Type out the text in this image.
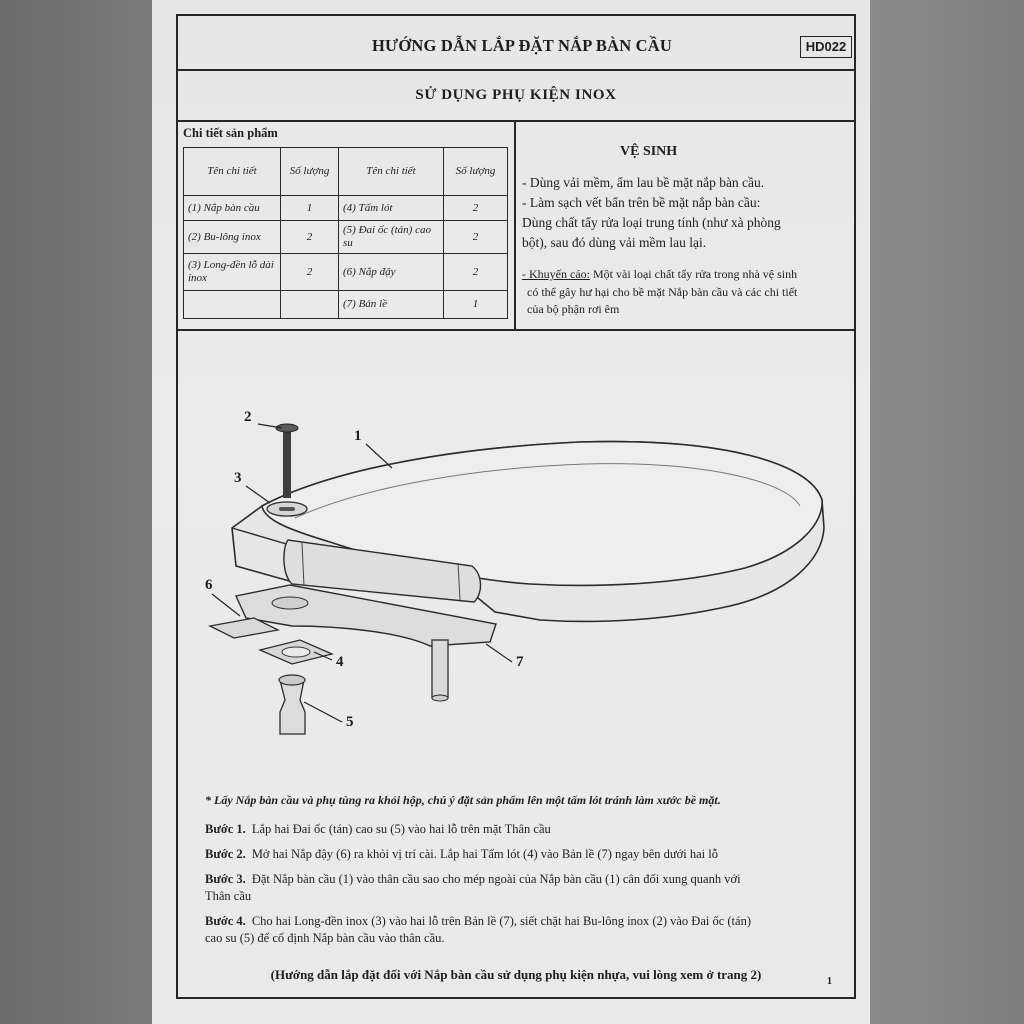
HƯỚNG DẪN LẮP ĐẶT NẮP BÀN CẦU	HD022
SỬ DỤNG PHỤ KIỆN INOX
Chi tiết sản phẩm
Tên chi tiết	Số lượng	Tên chi tiết	Số lượng
(1) Nắp bàn cầu	1	(4) Tấm lót	2
(2) Bu-lông inox	2	(5) Đai ốc (tán) cao su	2
(3) Long-đền lỗ dài inox	2	(6) Nắp đậy	2
		(7) Bản lề	1
VỆ SINH
- Dùng vải mềm, ẩm lau bề mặt nắp bàn cầu.
- Làm sạch vết bẩn trên bề mặt nắp bàn cầu:
Dùng chất tẩy rửa loại trung tính (như xà phòng
bột), sau đó dùng vải mềm lau lại.
- Khuyến cáo: Một vài loại chất tẩy rửa trong nhà vệ sinh
có thể gây hư hại cho bề mặt Nắp bàn cầu và các chi tiết
của bộ phận rơi êm
1
2
3
4
5
6
7
* Lấy Nắp bàn cầu và phụ tùng ra khỏi hộp, chú ý đặt sản phẩm lên một tấm lót tránh làm xước bề mặt.
Bước 1. Lắp hai Đai ốc (tán) cao su (5) vào hai lỗ trên mặt Thân cầu
Bước 2. Mở hai Nắp đậy (6) ra khỏi vị trí cài. Lắp hai Tấm lót (4) vào Bản lề (7) ngay bên dưới hai lỗ
Bước 3. Đặt Nắp bàn cầu (1) vào thân cầu sao cho mép ngoài của Nắp bàn cầu (1) cân đối xung quanh với
Thân cầu
Bước 4. Cho hai Long-đền inox (3) vào hai lỗ trên Bản lề (7), siết chặt hai Bu-lông inox (2) vào Đai ốc (tán)
cao su (5) để cố định Nắp bàn cầu vào thân cầu.
(Hướng dẫn lắp đặt đối với Nắp bàn cầu sử dụng phụ kiện nhựa, vui lòng xem ở trang 2)	1
